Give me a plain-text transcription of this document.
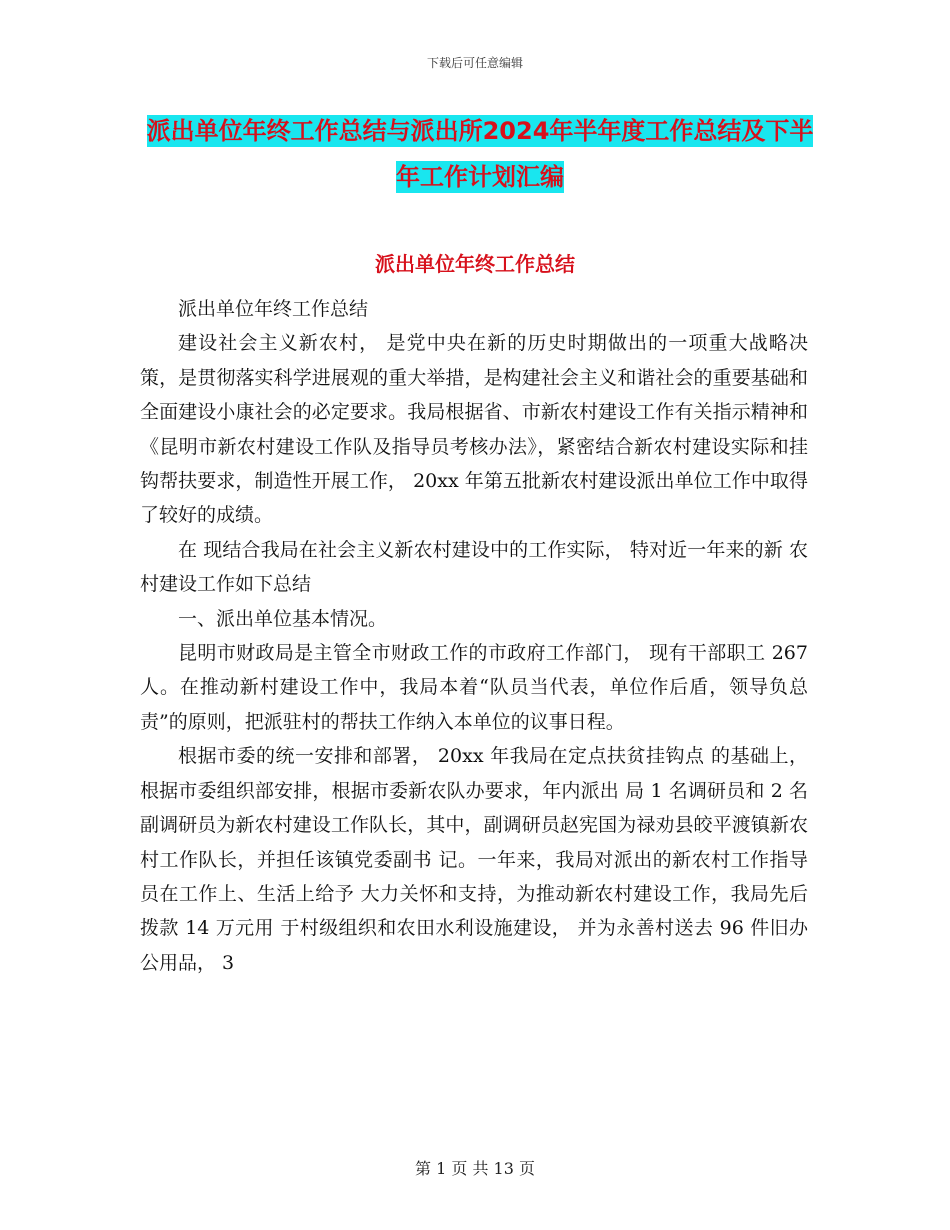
下载后可任意编辑
派出单位年终工作总结与派出所2024年半年度工作总结及下半年工作计划汇编
派出单位年终工作总结

派出单位年终工作总结

建设社会主义新农村， 是党中央在新的历史时期做出的一项重大战略决策，是贯彻落实科学进展观的重大举措，是构建社会主义和谐社会的重要基础和全面建设小康社会的必定要求。我局根据省、市新农村建设工作有关指示精神和 《昆明市新农村建设工作队及指导员考核办法》，紧密结合新农村建设实际和挂钩帮扶要求，制造性开展工作， 20xx 年第五批新农村建设派出单位工作中取得了较好的成绩。

在 现结合我局在社会主义新农村建设中的工作实际， 特对近一年来的新 农村建设工作如下总结

一、派出单位基本情况。

昆明市财政局是主管全市财政工作的市政府工作部门， 现有干部职工 267 人。在推动新村建设工作中，我局本着“队员当代表，单位作后盾，领导负总责”的原则，把派驻村的帮扶工作纳入本单位的议事日程。

根据市委的统一安排和部署， 20xx 年我局在定点扶贫挂钩点 的基础上，根据市委组织部安排，根据市委新农队办要求，年内派出 局 1 名调研员和 2 名副调研员为新农村建设工作队长，其中，副调研员赵宪国为禄劝县皎平渡镇新农村工作队长，并担任该镇党委副书 记。一年来，我局对派出的新农村工作指导员在工作上、生活上给予 大力关怀和支持，为推动新农村建设工作，我局先后拨款 14 万元用 于村级组织和农田水利设施建设， 并为永善村送去 96 件旧办公用品， 3

第 1 页 共 13 页
